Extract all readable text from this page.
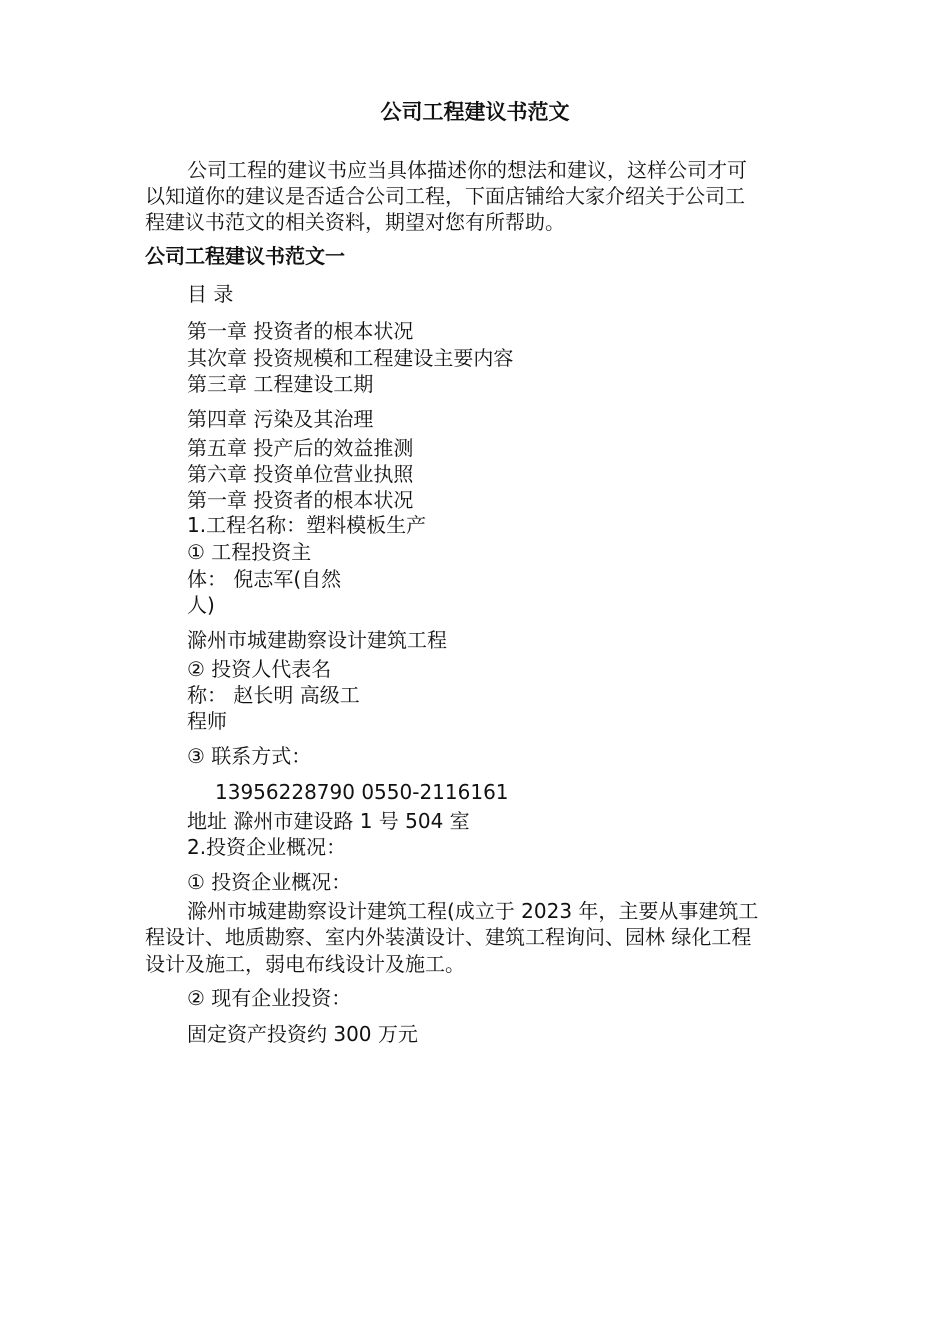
公司工程建议书范文

公司工程的建议书应当具体描述你的想法和建议，这样公司才可

以知道你的建议是否适合公司工程，下面店铺给大家介绍关于公司工

程建议书范文的相关资料，期望对您有所帮助。

公司工程建议书范文一

目 录

第一章 投资者的根本状况

其次章 投资规模和工程建设主要内容

第三章 工程建设工期

第四章 污染及其治理

第五章 投产后的效益推测

第六章 投资单位营业执照

第一章 投资者的根本状况

1.工程名称：塑料模板生产

① 工程投资主

体： 倪志军(自然

人)

滁州市城建勘察设计建筑工程

② 投资人代表名

称： 赵长明 高级工

程师

③ 联系方式：

13956228790 0550-2116161

地址 滁州市建设路 1 号 504 室

2.投资企业概况：

① 投资企业概况：

滁州市城建勘察设计建筑工程(成立于 2023 年，主要从事建筑工

程设计、地质勘察、室内外装潢设计、建筑工程询问、园林 绿化工程

设计及施工，弱电布线设计及施工。

② 现有企业投资：

固定资产投资约 300 万元
